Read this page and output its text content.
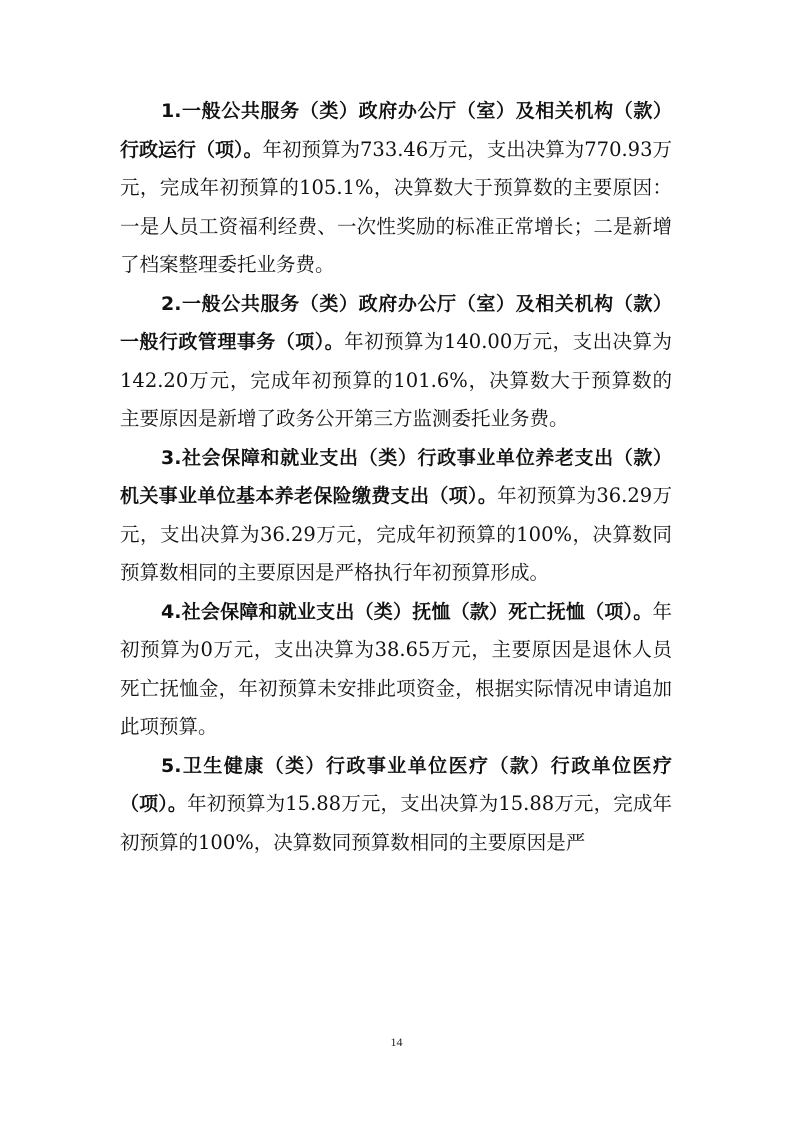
1.一般公共服务（类）政府办公厅（室）及相关机构（款）行政运行（项）。年初预算为733.46万元，支出决算为770.93万元，完成年初预算的105.1%，决算数大于预算数的主要原因：一是人员工资福利经费、一次性奖励的标准正常增长；二是新增了档案整理委托业务费。

2.一般公共服务（类）政府办公厅（室）及相关机构（款）一般行政管理事务（项）。年初预算为140.00万元，支出决算为142.20万元，完成年初预算的101.6%，决算数大于预算数的主要原因是新增了政务公开第三方监测委托业务费。

3.社会保障和就业支出（类）行政事业单位养老支出（款）机关事业单位基本养老保险缴费支出（项）。年初预算为36.29万元，支出决算为36.29万元，完成年初预算的100%，决算数同预算数相同的主要原因是严格执行年初预算形成。

4.社会保障和就业支出（类）抚恤（款）死亡抚恤（项）。年初预算为0万元，支出决算为38.65万元，主要原因是退休人员死亡抚恤金，年初预算未安排此项资金，根据实际情况申请追加此项预算。

5.卫生健康（类）行政事业单位医疗（款）行政单位医疗（项）。年初预算为15.88万元，支出决算为15.88万元，完成年初预算的100%，决算数同预算数相同的主要原因是严

14
